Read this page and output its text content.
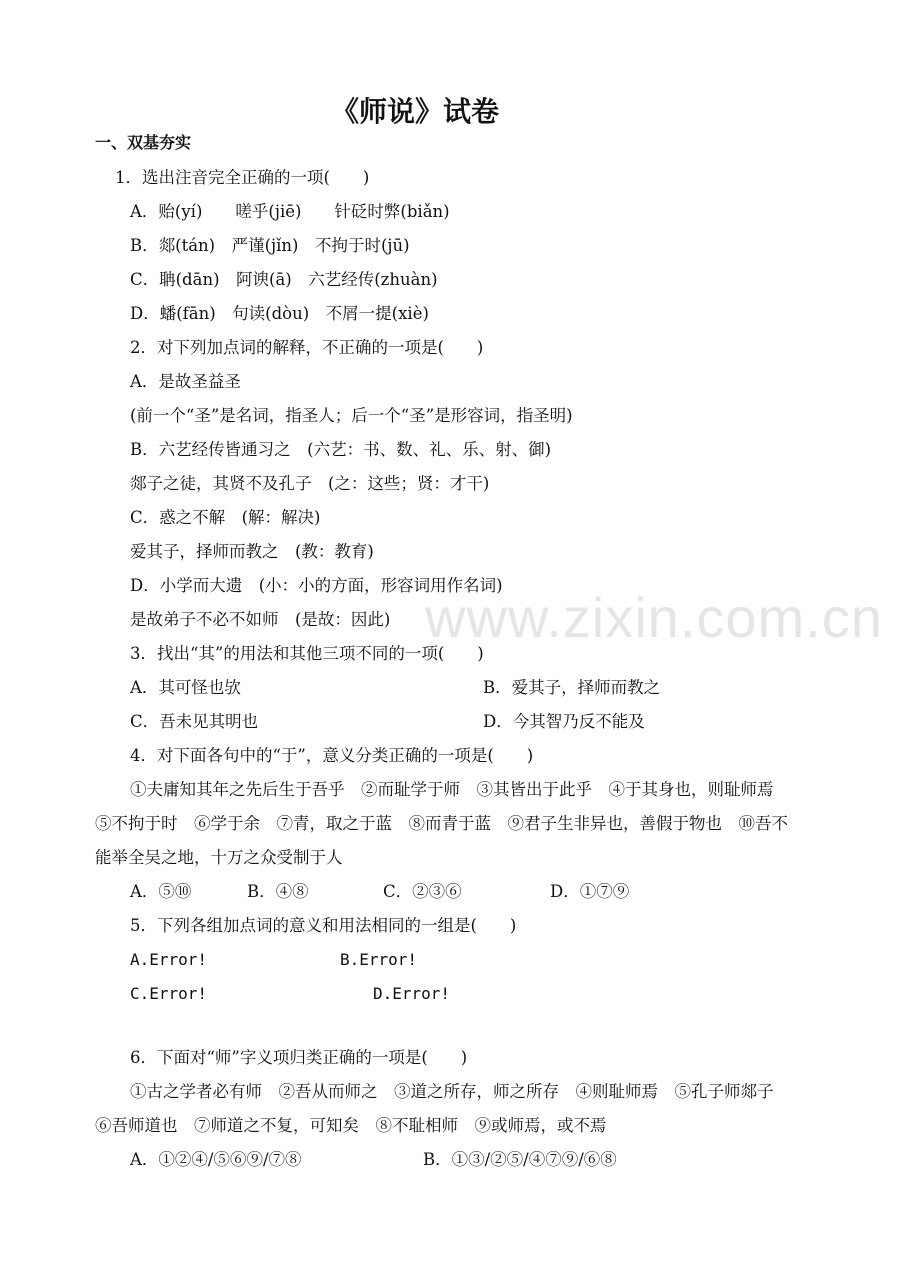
www.zixin.com.cn
《师说》试卷
一、双基夯实
1．选出注音完全正确的一项(　　)
A．贻(yí)　　嗟乎(jiē)　　针砭时弊(biǎn)
B．郯(tán)　严谨(jǐn)　不拘于时(jū)
C．聃(dān)　阿谀(ā)　六艺经传(zhuàn)
D．蟠(fān)　句读(dòu)　不屑一提(xiè)
2．对下列加点词的解释，不正确的一项是(　　)
A．是故圣益圣
(前一个“圣”是名词，指圣人；后一个“圣”是形容词，指圣明)
B．六艺经传皆通习之　(六艺：书、数、礼、乐、射、御)
郯子之徒，其贤不及孔子　(之：这些；贤：才干)
C．惑之不解　(解：解决)
爱其子，择师而教之　(教：教育)
D．小学而大遗　(小：小的方面，形容词用作名词)
是故弟子不必不如师　(是故：因此)
3．找出“其”的用法和其他三项不同的一项(　　)
A．其可怪也欤	B．爱其子，择师而教之
C．吾未见其明也	D．今其智乃反不能及
4．对下面各句中的“于”，意义分类正确的一项是(　　)
①夫庸知其年之先后生于吾乎　②而耻学于师　③其皆出于此乎　④于其身也，则耻师焉
⑤不拘于时　⑥学于余　⑦青，取之于蓝　⑧而青于蓝　⑨君子生非异也，善假于物也　⑩吾不
能举全吴之地，十万之众受制于人
A．⑤⑩	B．④⑧	C．②③⑥	D．①⑦⑨
5．下列各组加点词的意义和用法相同的一组是(　　)
A.Error!	B.Error!
C.Error!	D.Error!
6．下面对“师”字义项归类正确的一项是(　　)
①古之学者必有师　②吾从而师之　③道之所存，师之所存　④则耻师焉　⑤孔子师郯子
⑥吾师道也　⑦师道之不复，可知矣　⑧不耻相师　⑨或师焉，或不焉
A．①②④/⑤⑥⑨/⑦⑧	B．①③/②⑤/④⑦⑨/⑥⑧
